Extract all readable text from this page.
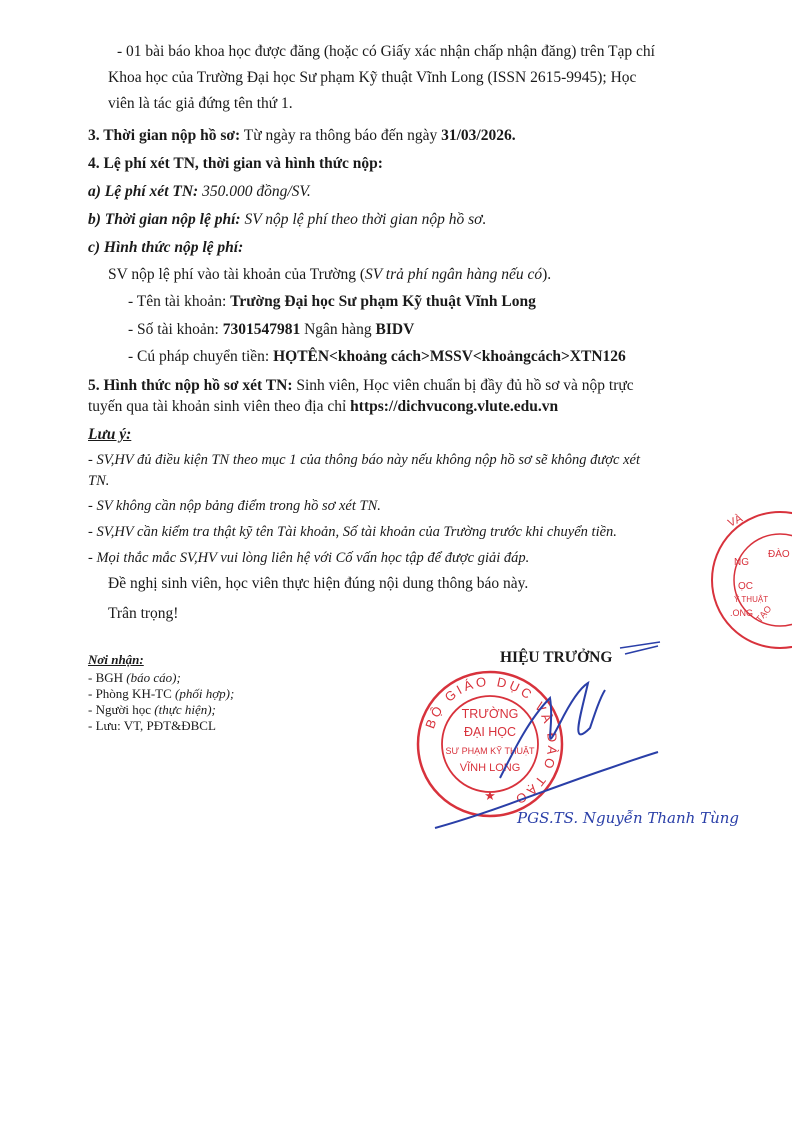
- 01 bài báo khoa học được đăng (hoặc có Giấy xác nhận chấp nhận đăng) trên Tạp chí
Khoa học của Trường Đại học Sư phạm Kỹ thuật Vĩnh Long (ISSN 2615-9945); Học
viên là tác giả đứng tên thứ 1.
3. Thời gian nộp hồ sơ: Từ ngày ra thông báo đến ngày 31/03/2026.
4. Lệ phí xét TN, thời gian và hình thức nộp:
a) Lệ phí xét TN: 350.000 đồng/SV.
b) Thời gian nộp lệ phí: SV nộp lệ phí theo thời gian nộp hồ sơ.
c) Hình thức nộp lệ phí:
SV nộp lệ phí vào tài khoản của Trường (SV trả phí ngân hàng nếu có).
- Tên tài khoản: Trường Đại học Sư phạm Kỹ thuật Vĩnh Long
- Số tài khoản: 7301547981 Ngân hàng BIDV
- Cú pháp chuyển tiền: HỌTÊN<khoảng cách>MSSV<khoảngcách>XTN126
5. Hình thức nộp hồ sơ xét TN: Sinh viên, Học viên chuẩn bị đầy đủ hồ sơ và nộp trực
tuyến qua tài khoản sinh viên theo địa chỉ https://dichvucong.vlute.edu.vn
Lưu ý:
- SV,HV đủ điều kiện TN theo mục 1 của thông báo này nếu không nộp hồ sơ sẽ không được xét
TN.
- SV không cần nộp bảng điểm trong hồ sơ xét TN.
- SV,HV cần kiểm tra thật kỹ tên Tài khoản, Số tài khoản của Trường trước khi chuyển tiền.
- Mọi thắc mắc SV,HV vui lòng liên hệ với Cố vấn học tập để được giải đáp.
Đề nghị sinh viên, học viên thực hiện đúng nội dung thông báo này.
Trân trọng!
Nơi nhận:
- BGH (báo cáo);
- Phòng KH-TC (phối hợp);
- Người học (thực hiện);
- Lưu: VT, PĐT&ĐBCL
HIỆU TRƯỞNG
VÀ
ĐÀO
NG
ỌC
Ỹ THUẬT
.ONG TẠO
BỘ GIÁO DỤC VÀ ĐÀO TẠO
TRƯỜNG
ĐẠI HỌC
SƯ PHẠM KỸ THUẬT
VĨNH LONG
★
PGS.TS. Nguyễn Thanh Tùng
